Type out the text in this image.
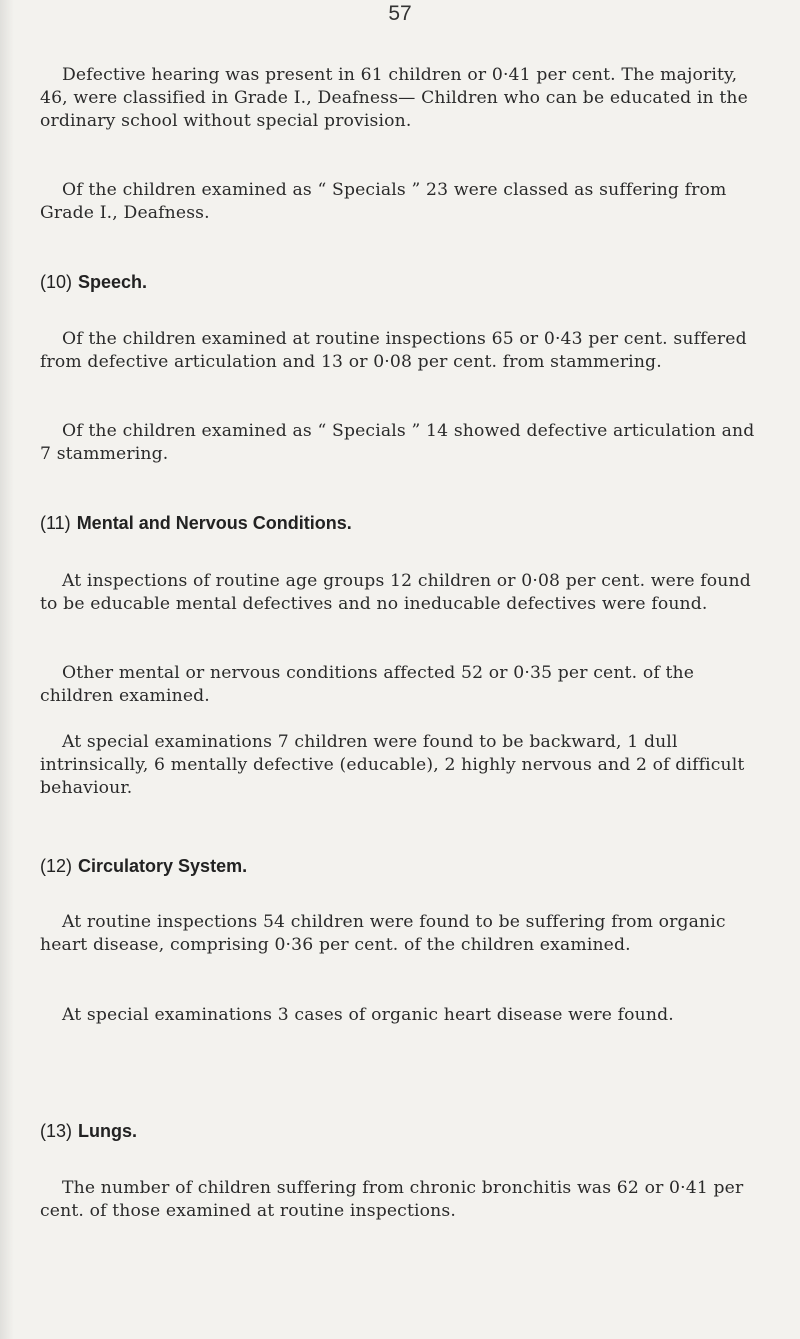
57

Defective hearing was present in 61 children or 0·41 per cent. The majority, 46, were classified in Grade I., Deafness— Children who can be educated in the ordinary school without special provision.

Of the children examined as “ Specials ” 23 were classed as suffering from Grade I., Deafness.

(10) Speech.

Of the children examined at routine inspections 65 or 0·43 per cent. suffered from defective articulation and 13 or 0·08 per cent. from stammering.

Of the children examined as “ Specials ” 14 showed defective articulation and 7 stammering.

(11) Mental and Nervous Conditions.

At inspections of routine age groups 12 children or 0·08 per cent. were found to be educable mental defectives and no ineducable defectives were found.

Other mental or nervous conditions affected 52 or 0·35 per cent. of the children examined.

At special examinations 7 children were found to be backward, 1 dull intrinsically, 6 mentally defective (educable), 2 highly nervous and 2 of difficult behaviour.

(12) Circulatory System.

At routine inspections 54 children were found to be suffering from organic heart disease, comprising 0·36 per cent. of the children examined.

At special examinations 3 cases of organic heart disease were found.

(13) Lungs.

The number of children suffering from chronic bronchitis was 62 or 0·41 per cent. of those examined at routine inspections.
